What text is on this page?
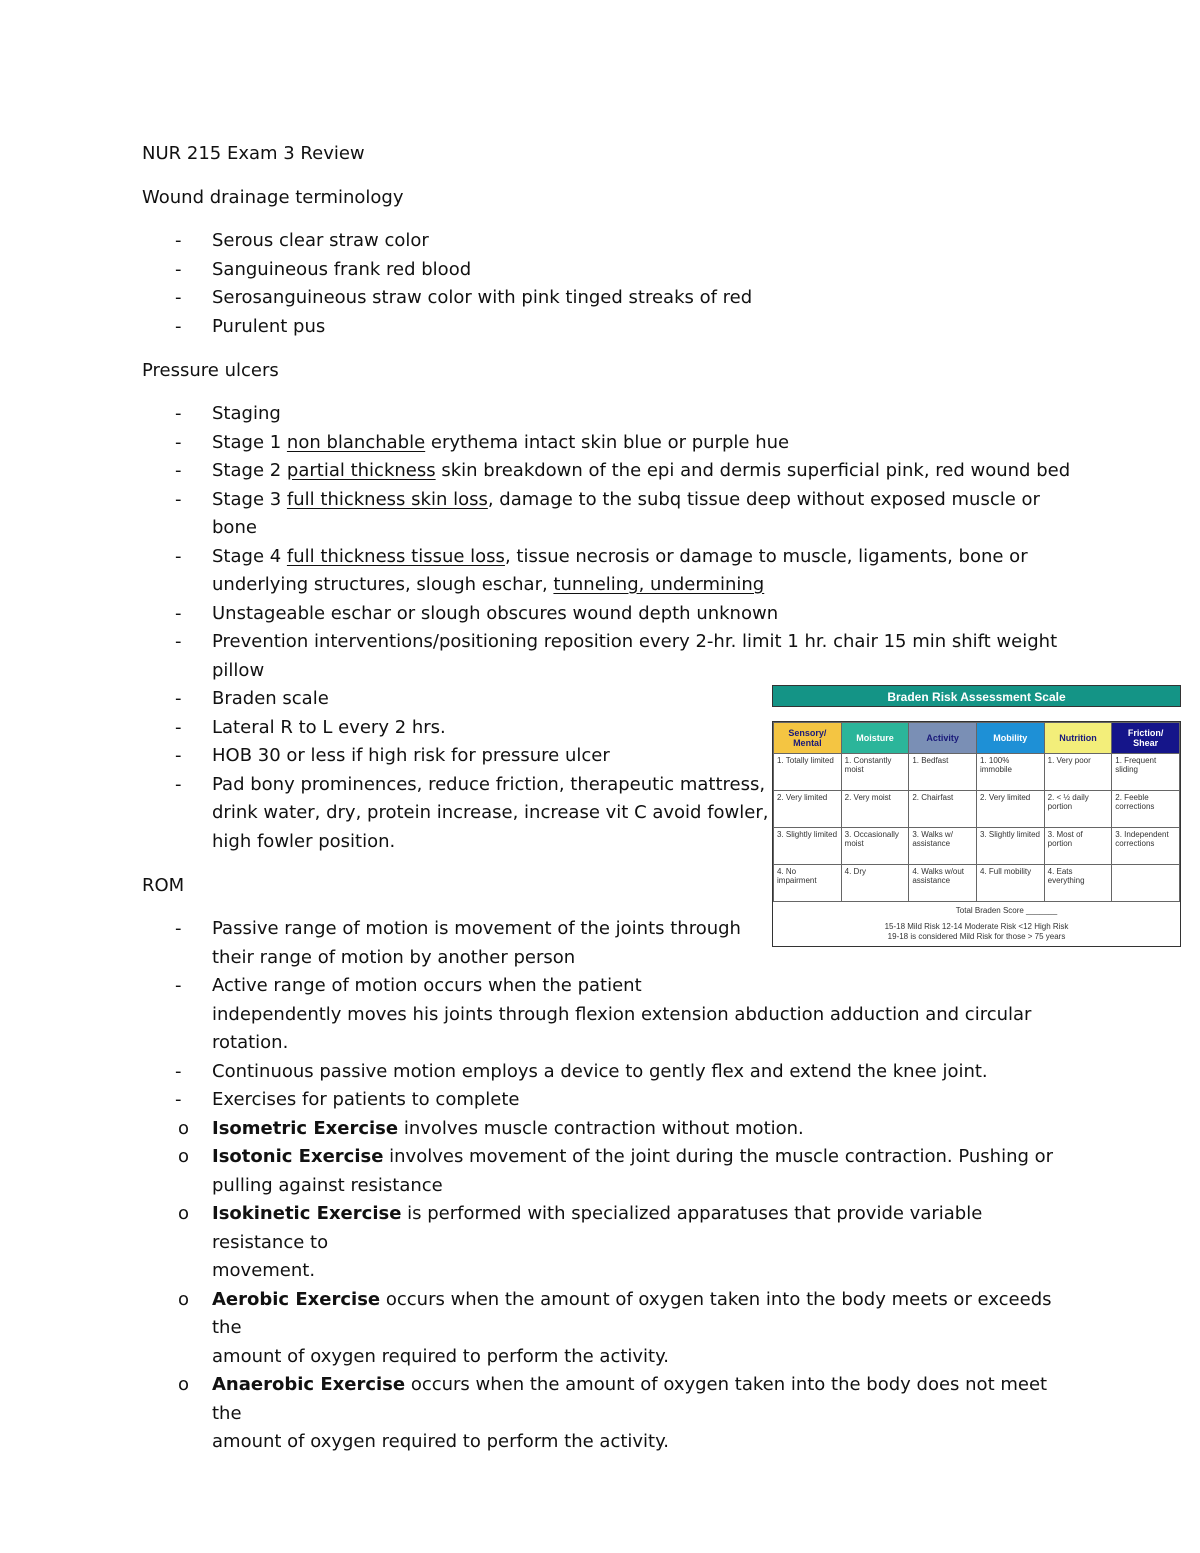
NUR 215 Exam 3 Review
Wound drainage terminology
- Serous clear straw color
- Sanguineous frank red blood
- Serosanguineous straw color with pink tinged streaks of red
- Purulent pus
Pressure ulcers
- Staging
- Stage 1 non blanchable erythema intact skin blue or purple hue
- Stage 2 partial thickness skin breakdown of the epi and dermis superficial pink, red wound bed
- Stage 3 full thickness skin loss, damage to the subq tissue deep without exposed muscle or bone
- Stage 4 full thickness tissue loss, tissue necrosis or damage to muscle, ligaments, bone or
underlying structures, slough eschar, tunneling, undermining
- Unstageable eschar or slough obscures wound depth unknown
- Prevention interventions/positioning reposition every 2-hr. limit 1 hr. chair 15 min shift weight
pillow
- Braden scale
- Lateral R to L every 2 hrs.
- HOB 30 or less if high risk for pressure ulcer
- Pad bony prominences, reduce friction, therapeutic mattress,
drink water, dry, protein increase, increase vit C avoid fowler,
high fowler position.
ROM
- Passive range of motion is movement of the joints through
their range of motion by another person
- Active range of motion occurs when the patient
independently moves his joints through flexion extension abduction adduction and circular
rotation.
- Continuous passive motion employs a device to gently flex and extend the knee joint.
- Exercises for patients to complete
o Isometric Exercise involves muscle contraction without motion.
o Isotonic Exercise involves movement of the joint during the muscle contraction. Pushing or
pulling against resistance
o Isokinetic Exercise is performed with specialized apparatuses that provide variable resistance to
movement.
o Aerobic Exercise occurs when the amount of oxygen taken into the body meets or exceeds the
amount of oxygen required to perform the activity.
o Anaerobic Exercise occurs when the amount of oxygen taken into the body does not meet the
amount of oxygen required to perform the activity.
Braden Risk Assessment Scale
Sensory/ Mental	Moisture	Activity	Mobility	Nutrition	Friction/ Shear
1. Totally limited	1. Constantly moist	1. Bedfast	1. 100% immobile	1. Very poor	1. Frequent sliding
2. Very limited	2. Very moist	2. Chairfast	2. Very limited	2. < ½ daily portion	2. Feeble corrections
3. Slightly limited	3. Occasionally moist	3. Walks w/ assistance	3. Slightly limited	3. Most of portion	3. Independent corrections
4. No impairment	4. Dry	4. Walks w/out assistance	4. Full mobility	4. Eats everything	
Total Braden Score _______
15-18 Mild Risk 12-14 Moderate Risk <12 High Risk
19-18 is considered Mild Risk for those > 75 years
